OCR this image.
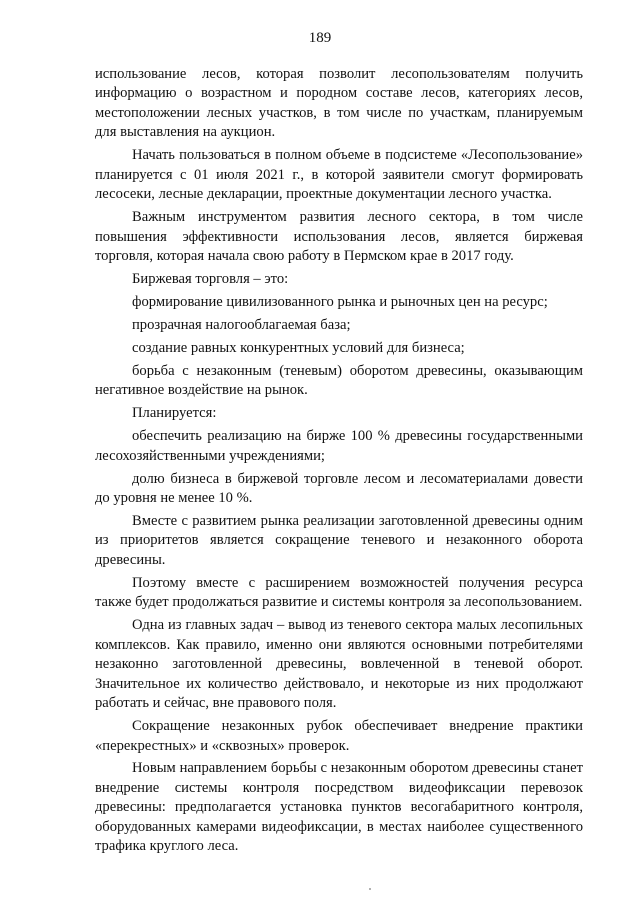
189

использование лесов, которая позволит лесопользователям получить информацию о возрастном и породном составе лесов, категориях лесов, местоположении лесных участков, в том числе по участкам, планируемым для выставления на аукцион.

Начать пользоваться в полном объеме в подсистеме «Лесопользование» планируется с 01 июля 2021 г., в которой заявители смогут формировать лесосеки, лесные декларации, проектные документации лесного участка.

Важным инструментом развития лесного сектора, в том числе повышения эффективности использования лесов, является биржевая торговля, которая начала свою работу в Пермском крае в 2017 году.

Биржевая торговля – это:

формирование цивилизованного рынка и рыночных цен на ресурс;

прозрачная налогооблагаемая база;

создание равных конкурентных условий для бизнеса;

борьба с незаконным (теневым) оборотом древесины, оказывающим негативное воздействие на рынок.

Планируется:

обеспечить реализацию на бирже 100 % древесины государственными лесохозяйственными учреждениями;

долю бизнеса в биржевой торговле лесом и лесоматериалами довести до уровня не менее 10 %.

Вместе с развитием рынка реализации заготовленной древесины одним из приоритетов является сокращение теневого и незаконного оборота древесины.

Поэтому вместе с расширением возможностей получения ресурса также будет продолжаться развитие и системы контроля за лесопользованием.

Одна из главных задач – вывод из теневого сектора малых лесопильных комплексов. Как правило, именно они являются основными потребителями незаконно заготовленной древесины, вовлеченной в теневой оборот. Значительное их количество действовало, и некоторые из них продолжают работать и сейчас, вне правового поля.

Сокращение незаконных рубок обеспечивает внедрение практики «перекрестных» и «сквозных» проверок.

Новым направлением борьбы с незаконным оборотом древесины станет внедрение системы контроля посредством видеофиксации перевозок древесины: предполагается установка пунктов весогабаритного контроля, оборудованных камерами видеофиксации, в местах наиболее существенного трафика круглого леса.
